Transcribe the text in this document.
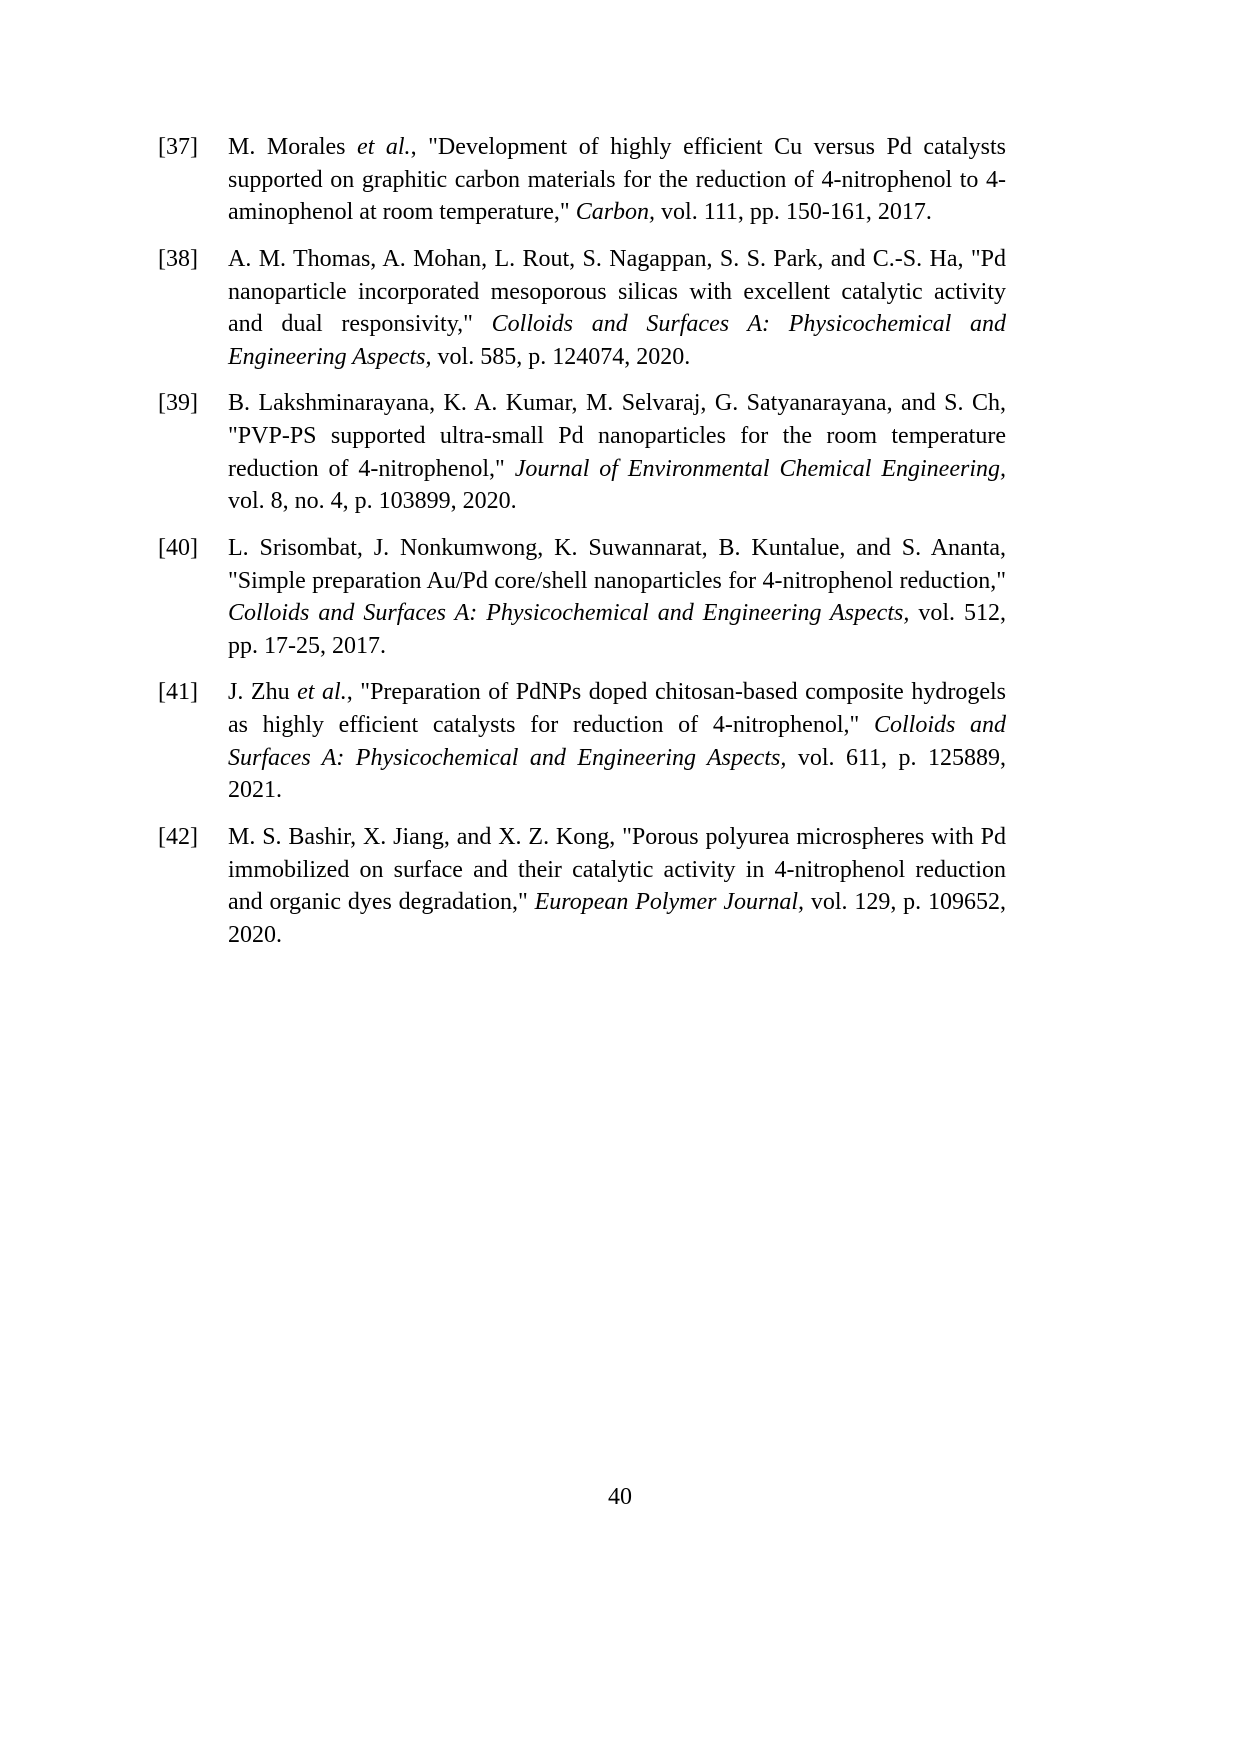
[37]	M. Morales et al., "Development of highly efficient Cu versus Pd catalysts supported on graphitic carbon materials for the reduction of 4-nitrophenol to 4-aminophenol at room temperature," Carbon, vol. 111, pp. 150-161, 2017.
[38]	A. M. Thomas, A. Mohan, L. Rout, S. Nagappan, S. S. Park, and C.-S. Ha, "Pd nanoparticle incorporated mesoporous silicas with excellent catalytic activity and dual responsivity," Colloids and Surfaces A: Physicochemical and Engineering Aspects, vol. 585, p. 124074, 2020.
[39]	B. Lakshminarayana, K. A. Kumar, M. Selvaraj, G. Satyanarayana, and S. Ch, "PVP-PS supported ultra-small Pd nanoparticles for the room temperature reduction of 4-nitrophenol," Journal of Environmental Chemical Engineering, vol. 8, no. 4, p. 103899, 2020.
[40]	L. Srisombat, J. Nonkumwong, K. Suwannarat, B. Kuntalue, and S. Ananta, "Simple preparation Au/Pd core/shell nanoparticles for 4-nitrophenol reduction," Colloids and Surfaces A: Physicochemical and Engineering Aspects, vol. 512, pp. 17-25, 2017.
[41]	J. Zhu et al., "Preparation of PdNPs doped chitosan-based composite hydrogels as highly efficient catalysts for reduction of 4-nitrophenol," Colloids and Surfaces A: Physicochemical and Engineering Aspects, vol. 611, p. 125889, 2021.
[42]	M. S. Bashir, X. Jiang, and X. Z. Kong, "Porous polyurea microspheres with Pd immobilized on surface and their catalytic activity in 4-nitrophenol reduction and organic dyes degradation," European Polymer Journal, vol. 129, p. 109652, 2020.
40
